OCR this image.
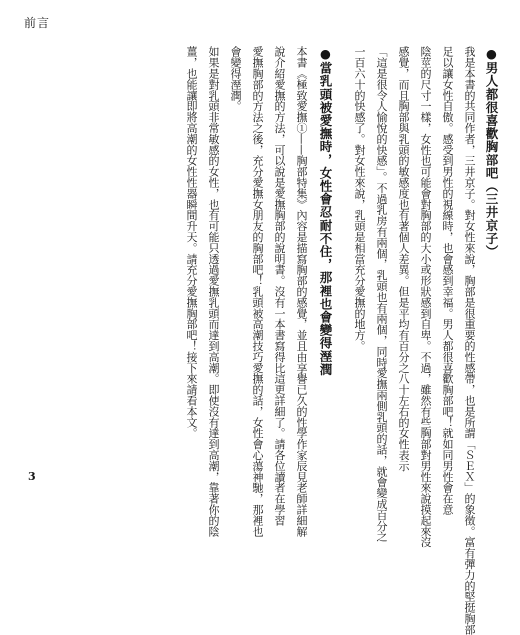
前言
●男人都很喜歡胸部吧（三井京子）
我是本書的共同作者，三井京子。對女性來說，胸部是很重要的性感帶，也是所謂「ＳＥＸ」的象徵。富有彈力的堅挺胸部
足以讓女性自傲。感受到男性的視線時，也會感到幸福。男人都很喜歡胸部吧！就如同男性會在意
陰莖的尺寸一樣，女性也可能會對胸部的大小或形狀感到自卑。不過，雖然有些胸部對男性來說摸起來沒
感覺，而且胸部與乳頭的敏感度也有著個人差異。但是平均有百分之八十左右的女性表示
「這是很令人愉悅的快感」。不過乳房有兩個，乳頭也有兩個，同時愛撫兩側乳頭的話，就會變成百分之
一百六十的快感了。對女性來說，乳頭是相當充分愛撫的地方。
●當乳頭被愛撫時，女性會忍耐不住，那裡也會變得溼潤
本書《極致愛撫①——胸部特集》內容是描寫胸部的感覺，並且由享譽已久的性學作家辰見老師詳細解
說介紹愛撫的方法，可以說是愛撫胸部的說明書。沒有一本書寫得比這更詳細了。請各位讀者在學習
愛撫胸部的方法之後，充分愛撫女朋友的胸部吧！乳頭被高潮技巧愛撫的話，女性會心蕩神馳，那裡也
會變得溼潤。
如果是對乳頭非常敏感的女性，也有可能只透過愛撫乳頭而達到高潮。即使沒有達到高潮，靠著你的陰
薑，也能讓即將高潮的女性性器瞬間升天。請充分愛撫胸部吧！接下來請看本文。
3
